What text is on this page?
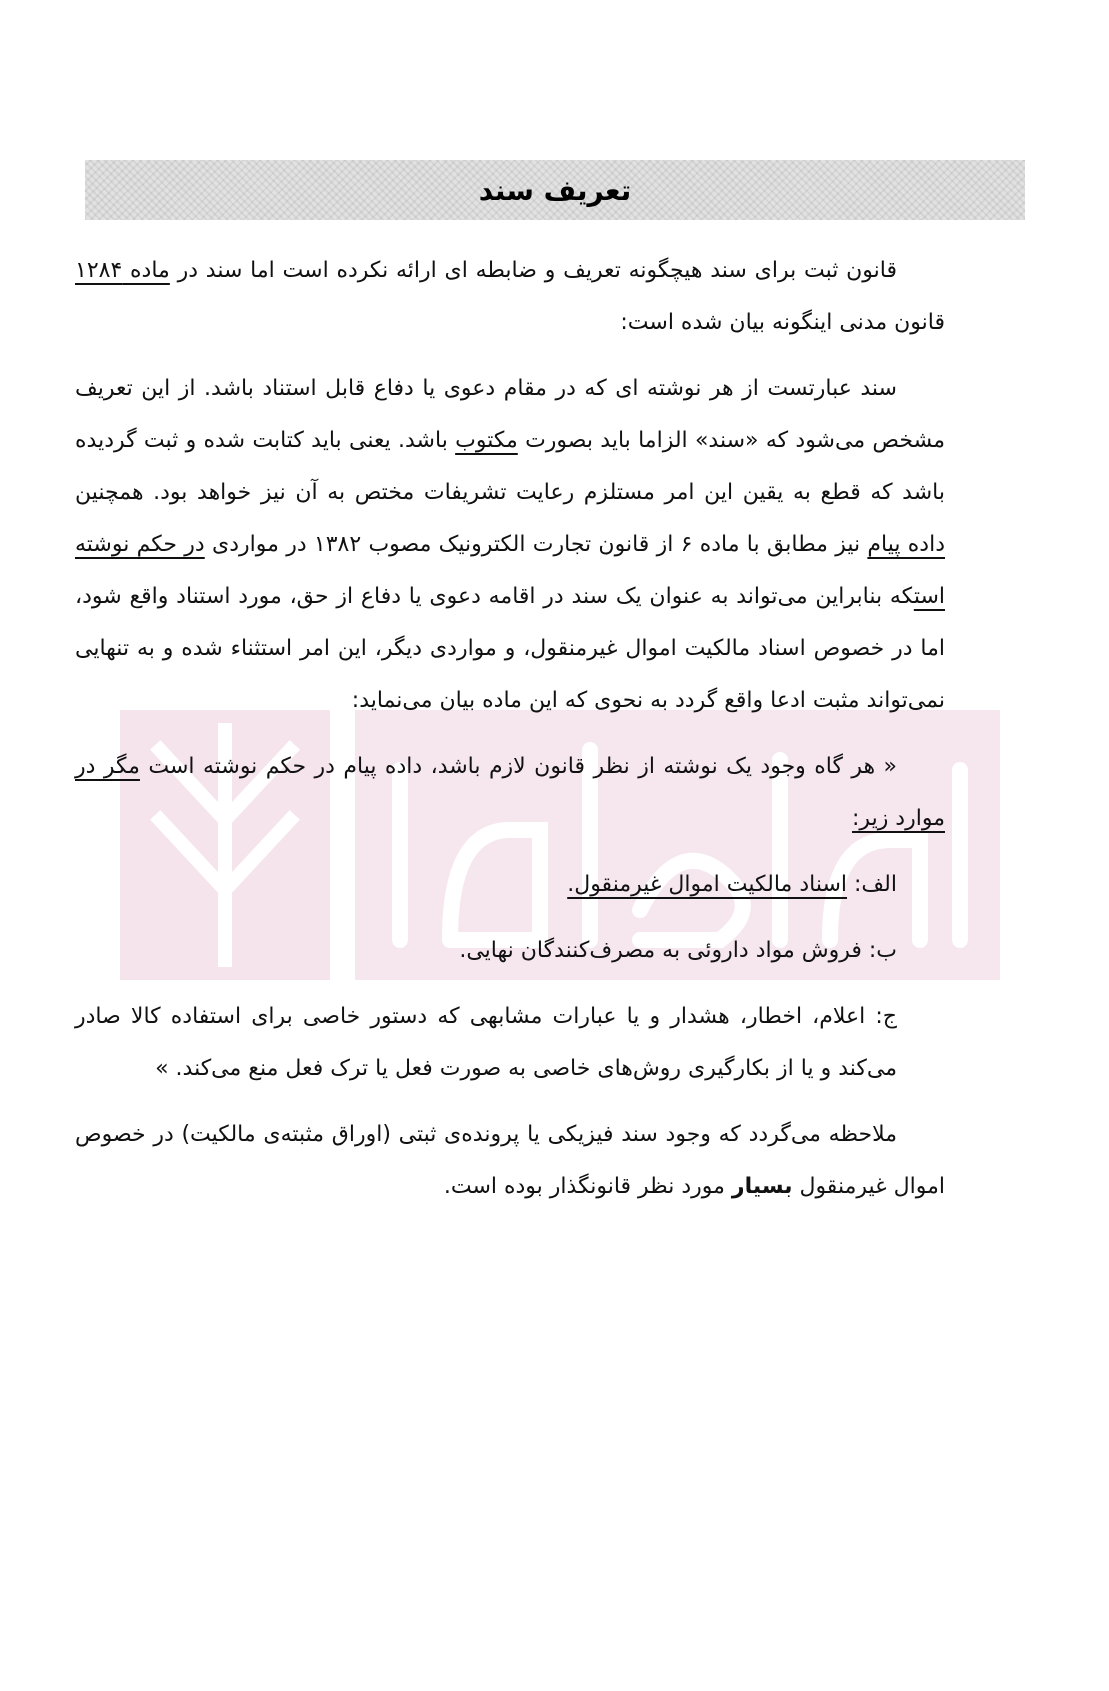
تعریف سند

قانون ثبت برای سند هیچگونه تعریف و ضابطه ای ارائه نکرده است اما سند در ماده ۱۲۸۴ قانون مدنی اینگونه بیان شده است:

سند عبارتست از هر نوشته ای که در مقام دعوی یا دفاع قابل استناد باشد. از این تعریف مشخص می‌شود که «سند» الزاما باید بصورت مکتوب باشد. یعنی باید کتابت شده و ثبت گردیده باشد که قطع به یقین این امر مستلزم رعایت تشریفات مختص به آن نیز خواهد بود. همچنین داده پیام نیز مطابق با ماده ۶ از قانون تجارت الکترونیک مصوب ۱۳۸۲ در مواردی در حکم نوشته استکه بنابراین می‌تواند به عنوان یک سند در اقامه دعوی یا دفاع از حق، مورد استناد واقع شود، اما در خصوص اسناد مالکیت اموال غیرمنقول، و مواردی دیگر، این امر استثناء شده و به تنهایی نمی‌تواند مثبت ادعا واقع گردد به نحوی که این ماده بیان می‌نماید:

« هر گاه وجود یک نوشته از نظر قانون لازم باشد، داده پیام در حکم نوشته است مگر در موارد زیر:

الف: اسناد مالکیت اموال غیرمنقول.

ب: فروش مواد داروئی به مصرف‌کنندگان نهایی.

ج: اعلام، اخطار، هشدار و یا عبارات مشابهی که دستور خاصی برای استفاده کالا صادر می‌کند و یا از بکارگیری روش‌های خاصی به صورت فعل یا ترک فعل منع می‌کند. »

ملاحظه می‌گردد که وجود سند فیزیکی یا پرونده‌ی ثبتی (اوراق مثبته‌ی مالکیت) در خصوص اموال غیرمنقول بسیار مورد نظر قانونگذار بوده است.
